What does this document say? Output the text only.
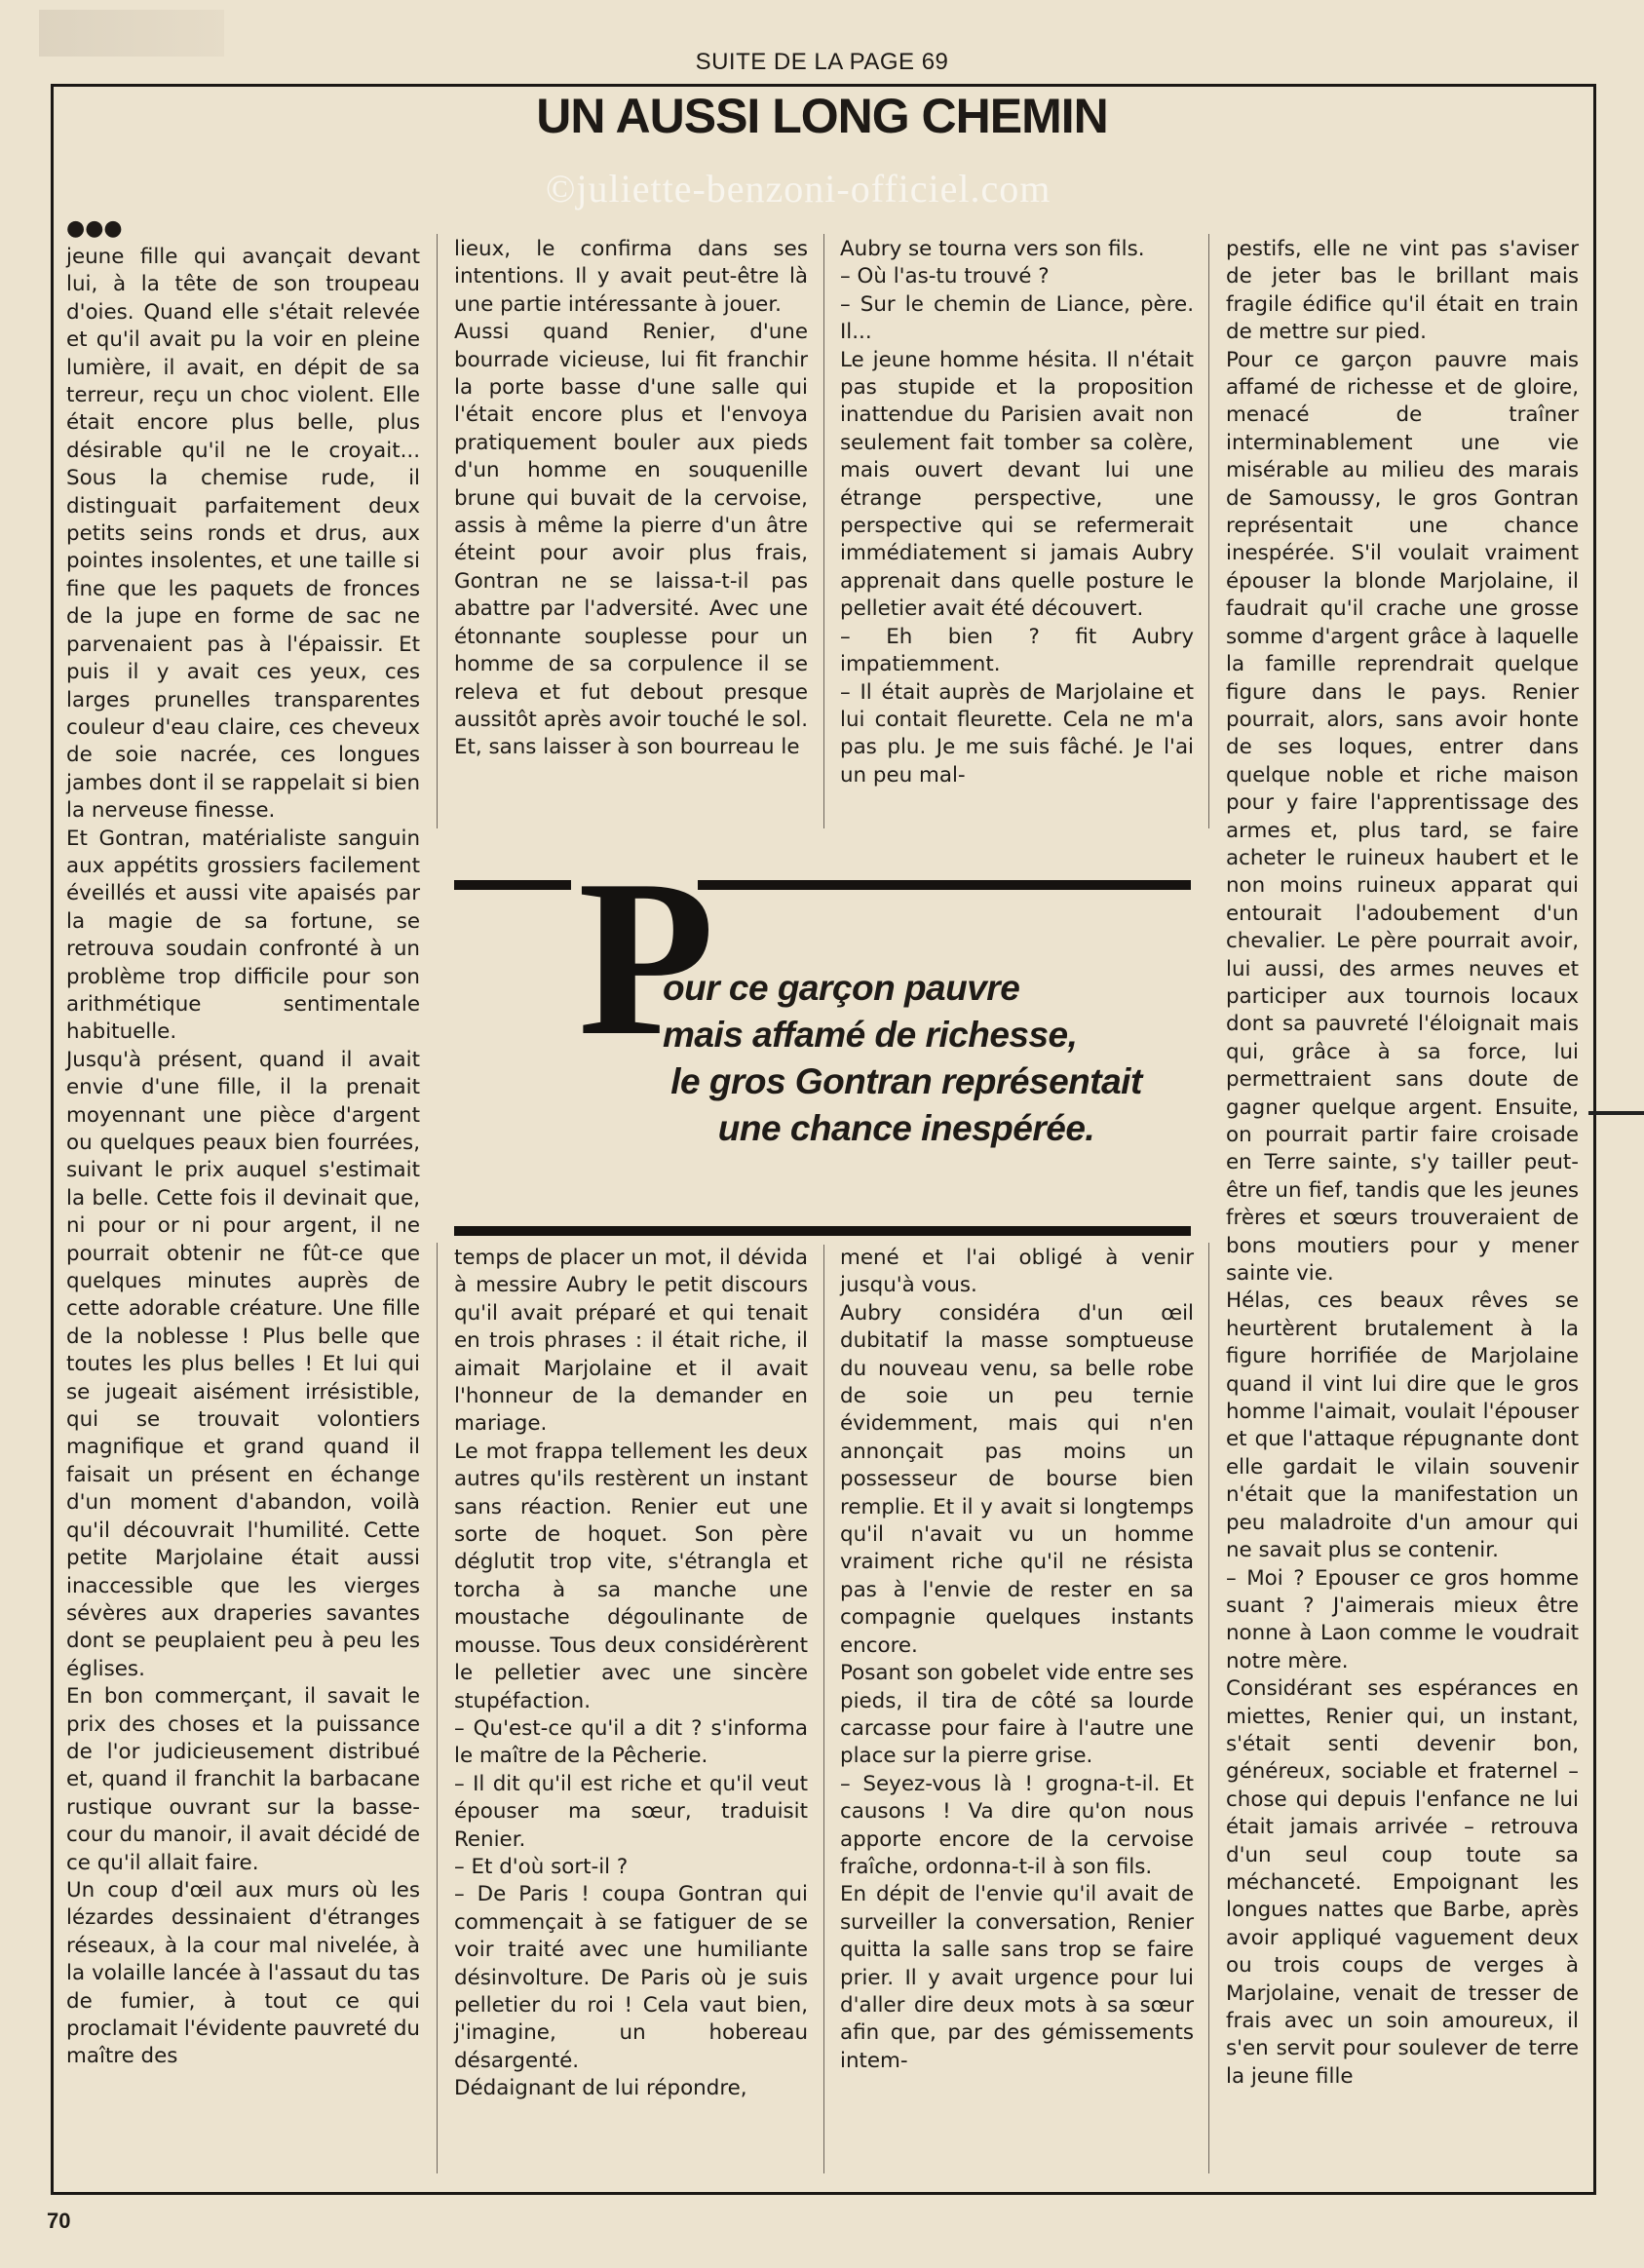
SUITE DE LA PAGE 69
UN AUSSI LONG CHEMIN
©juliette-benzoni-officiel.com
●●●

jeune fille qui avançait devant lui, à la tête de son troupeau d'oies. Quand elle s'était relevée et qu'il avait pu la voir en pleine lumière, il avait, en dépit de sa terreur, reçu un choc violent. Elle était encore plus belle, plus désirable qu'il ne le croyait... Sous la chemise rude, il distinguait parfaitement deux petits seins ronds et drus, aux pointes insolentes, et une taille si fine que les paquets de fronces de la jupe en forme de sac ne parvenaient pas à l'épaissir. Et puis il y avait ces yeux, ces larges prunelles transparentes couleur d'eau claire, ces cheveux de soie nacrée, ces longues jambes dont il se rappelait si bien la nerveuse finesse.

Et Gontran, matérialiste sanguin aux appétits grossiers facilement éveillés et aussi vite apaisés par la magie de sa fortune, se retrouva soudain confronté à un problème trop difficile pour son arithmétique sentimentale habituelle.

Jusqu'à présent, quand il avait envie d'une fille, il la prenait moyennant une pièce d'argent ou quelques peaux bien fourrées, suivant le prix auquel s'estimait la belle. Cette fois il devinait que, ni pour or ni pour argent, il ne pourrait obtenir ne fût-ce que quelques minutes auprès de cette adorable créature. Une fille de la noblesse ! Plus belle que toutes les plus belles ! Et lui qui se jugeait aisément irrésistible, qui se trouvait volontiers magnifique et grand quand il faisait un présent en échange d'un moment d'abandon, voilà qu'il découvrait l'humilité. Cette petite Marjolaine était aussi inaccessible que les vierges sévères aux draperies savantes dont se peuplaient peu à peu les églises.

En bon commerçant, il savait le prix des choses et la puissance de l'or judicieusement distribué et, quand il franchit la barbacane rustique ouvrant sur la basse-cour du manoir, il avait décidé de ce qu'il allait faire.

Un coup d'œil aux murs où les lézardes dessinaient d'étranges réseaux, à la cour mal nivelée, à la volaille lancée à l'assaut du tas de fumier, à tout ce qui proclamait l'évidente pauvreté du maître des

lieux, le confirma dans ses intentions. Il y avait peut-être là une partie intéressante à jouer.

Aussi quand Renier, d'une bourrade vicieuse, lui fit franchir la porte basse d'une salle qui l'était encore plus et l'envoya pratiquement bouler aux pieds d'un homme en souquenille brune qui buvait de la cervoise, assis à même la pierre d'un âtre éteint pour avoir plus frais, Gontran ne se laissa-t-il pas abattre par l'adversité. Avec une étonnante souplesse pour un homme de sa corpulence il se releva et fut debout presque aussitôt après avoir touché le sol. Et, sans laisser à son bourreau le

Aubry se tourna vers son fils.

– Où l'as-tu trouvé ?

– Sur le chemin de Liance, père. Il...

Le jeune homme hésita. Il n'était pas stupide et la proposition inattendue du Parisien avait non seulement fait tomber sa colère, mais ouvert devant lui une étrange perspective, une perspective qui se refermerait immédiatement si jamais Aubry apprenait dans quelle posture le pelletier avait été découvert.

– Eh bien ? fit Aubry impatiemment.

– Il était auprès de Marjolaine et lui contait fleurette. Cela ne m'a pas plu. Je me suis fâché. Je l'ai un peu mal-

P
our ce garçon pauvre
mais affamé de richesse,
le gros Gontran représentait
une chance inespérée.

temps de placer un mot, il dévida à messire Aubry le petit discours qu'il avait préparé et qui tenait en trois phrases : il était riche, il aimait Marjolaine et il avait l'honneur de la demander en mariage.

Le mot frappa tellement les deux autres qu'ils restèrent un instant sans réaction. Renier eut une sorte de hoquet. Son père déglutit trop vite, s'étrangla et torcha à sa manche une moustache dégoulinante de mousse. Tous deux considérèrent le pelletier avec une sincère stupéfaction.

– Qu'est-ce qu'il a dit ? s'informa le maître de la Pêcherie.

– Il dit qu'il est riche et qu'il veut épouser ma sœur, traduisit Renier.

– Et d'où sort-il ?

– De Paris ! coupa Gontran qui commençait à se fatiguer de se voir traité avec une humiliante désinvolture. De Paris où je suis pelletier du roi ! Cela vaut bien, j'imagine, un hobereau désargenté.

Dédaignant de lui répondre,

mené et l'ai obligé à venir jusqu'à vous.

Aubry considéra d'un œil dubitatif la masse somptueuse du nouveau venu, sa belle robe de soie un peu ternie évidemment, mais qui n'en annonçait pas moins un possesseur de bourse bien remplie. Et il y avait si longtemps qu'il n'avait vu un homme vraiment riche qu'il ne résista pas à l'envie de rester en sa compagnie quelques instants encore.

Posant son gobelet vide entre ses pieds, il tira de côté sa lourde carcasse pour faire à l'autre une place sur la pierre grise.

– Seyez-vous là ! grogna-t-il. Et causons ! Va dire qu'on nous apporte encore de la cervoise fraîche, ordonna-t-il à son fils.

En dépit de l'envie qu'il avait de surveiller la conversation, Renier quitta la salle sans trop se faire prier. Il y avait urgence pour lui d'aller dire deux mots à sa sœur afin que, par des gémissements intem-

pestifs, elle ne vint pas s'aviser de jeter bas le brillant mais fragile édifice qu'il était en train de mettre sur pied.

Pour ce garçon pauvre mais affamé de richesse et de gloire, menacé de traîner interminablement une vie misérable au milieu des marais de Samoussy, le gros Gontran représentait une chance inespérée. S'il voulait vraiment épouser la blonde Marjolaine, il faudrait qu'il crache une grosse somme d'argent grâce à laquelle la famille reprendrait quelque figure dans le pays. Renier pourrait, alors, sans avoir honte de ses loques, entrer dans quelque noble et riche maison pour y faire l'apprentissage des armes et, plus tard, se faire acheter le ruineux haubert et le non moins ruineux apparat qui entourait l'adoubement d'un chevalier. Le père pourrait avoir, lui aussi, des armes neuves et participer aux tournois locaux dont sa pauvreté l'éloignait mais qui, grâce à sa force, lui permettraient sans doute de gagner quelque argent. Ensuite, on pourrait partir faire croisade en Terre sainte, s'y tailler peut-être un fief, tandis que les jeunes frères et sœurs trouveraient de bons moutiers pour y mener sainte vie.

Hélas, ces beaux rêves se heurtèrent brutalement à la figure horrifiée de Marjolaine quand il vint lui dire que le gros homme l'aimait, voulait l'épouser et que l'attaque répugnante dont elle gardait le vilain souvenir n'était que la manifestation un peu maladroite d'un amour qui ne savait plus se contenir.

– Moi ? Epouser ce gros homme suant ? J'aimerais mieux être nonne à Laon comme le voudrait notre mère.

Considérant ses espérances en miettes, Renier qui, un instant, s'était senti devenir bon, généreux, sociable et fraternel – chose qui depuis l'enfance ne lui était jamais arrivée – retrouva d'un seul coup toute sa méchanceté. Empoignant les longues nattes que Barbe, après avoir appliqué vaguement deux ou trois coups de verges à Marjolaine, venait de tresser de frais avec un soin amoureux, il s'en servit pour soulever de terre la jeune fille

70
